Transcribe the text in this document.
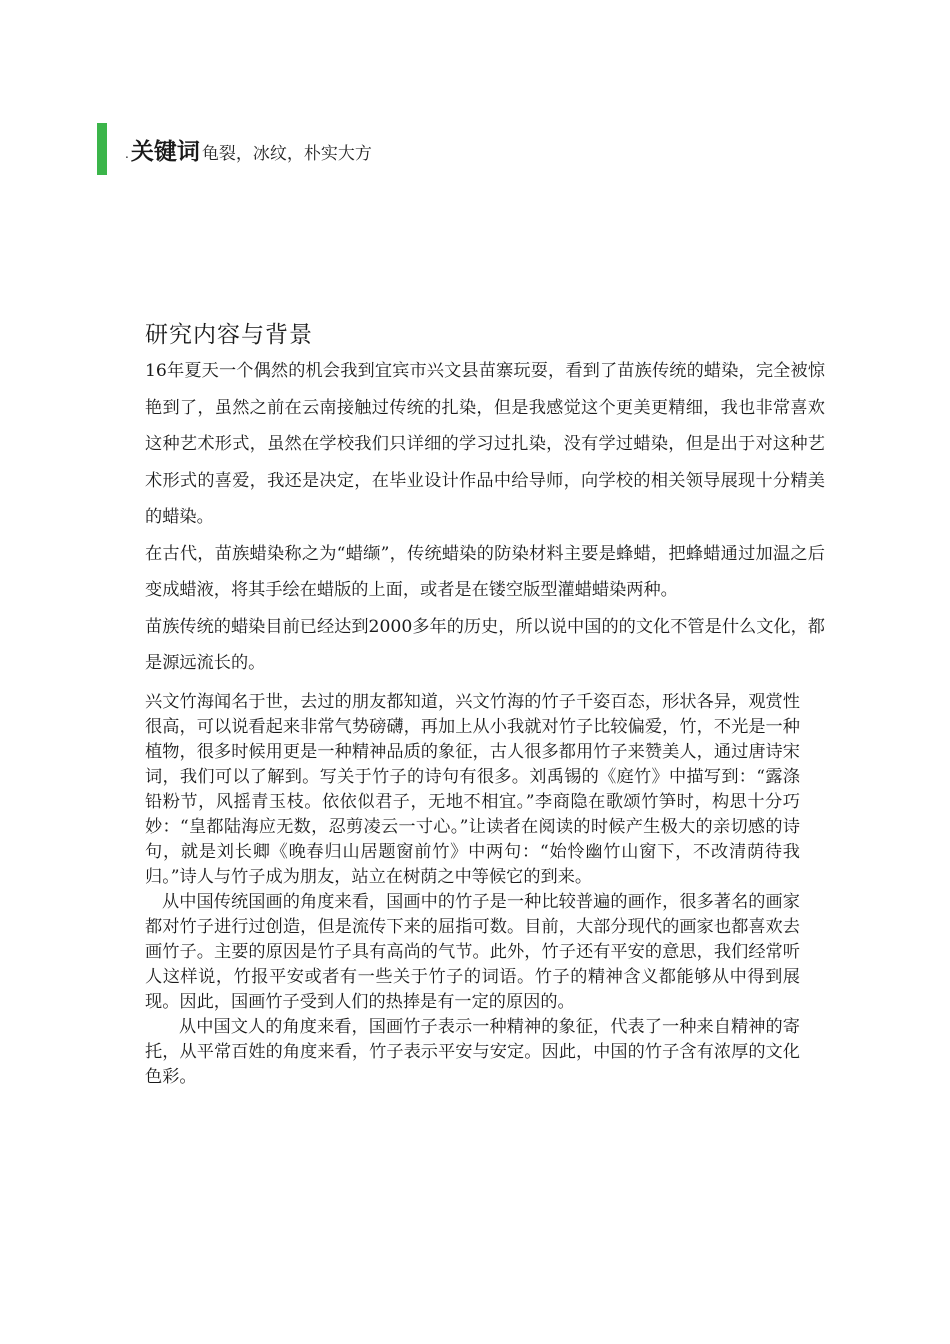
. 关键词 龟裂，冰纹，朴实大方
研究内容与背景

16年夏天一个偶然的机会我到宜宾市兴文县苗寨玩耍，看到了苗族传统的蜡染，完全被惊艳到了，虽然之前在云南接触过传统的扎染，但是我感觉这个更美更精细，我也非常喜欢这种艺术形式，虽然在学校我们只详细的学习过扎染，没有学过蜡染，但是出于对这种艺术形式的喜爱，我还是决定，在毕业设计作品中给导师，向学校的相关领导展现十分精美的蜡染。

在古代，苗族蜡染称之为“蜡缬”，传统蜡染的防染材料主要是蜂蜡，把蜂蜡通过加温之后变成蜡液，将其手绘在蜡版的上面，或者是在镂空版型灌蜡蜡染两种。

苗族传统的蜡染目前已经达到2000多年的历史，所以说中国的的文化不管是什么文化，都是源远流长的。

兴文竹海闻名于世，去过的朋友都知道，兴文竹海的竹子千姿百态，形状各异，观赏性很高，可以说看起来非常气势磅礴，再加上从小我就对竹子比较偏爱，竹，不光是一种植物，很多时候用更是一种精神品质的象征，古人很多都用竹子来赞美人，通过唐诗宋词，我们可以了解到。写关于竹子的诗句有很多。刘禹锡的《庭竹》中描写到：“露涤铅粉节，风摇青玉枝。依依似君子，无地不相宜。”李商隐在歌颂竹笋时，构思十分巧妙：“皇都陆海应无数，忍剪凌云一寸心。”让读者在阅读的时候产生极大的亲切感的诗句，就是刘长卿《晚春归山居题窗前竹》中两句：“始怜幽竹山窗下，不改清荫待我归。”诗人与竹子成为朋友，站立在树荫之中等候它的到来。

从中国传统国画的角度来看，国画中的竹子是一种比较普遍的画作，很多著名的画家都对竹子进行过创造，但是流传下来的屈指可数。目前，大部分现代的画家也都喜欢去画竹子。主要的原因是竹子具有高尚的气节。此外，竹子还有平安的意思，我们经常听人这样说，竹报平安或者有一些关于竹子的词语。竹子的精神含义都能够从中得到展现。因此，国画竹子受到人们的热捧是有一定的原因的。

从中国文人的角度来看，国画竹子表示一种精神的象征，代表了一种来自精神的寄托，从平常百姓的角度来看，竹子表示平安与安定。因此，中国的竹子含有浓厚的文化色彩。
